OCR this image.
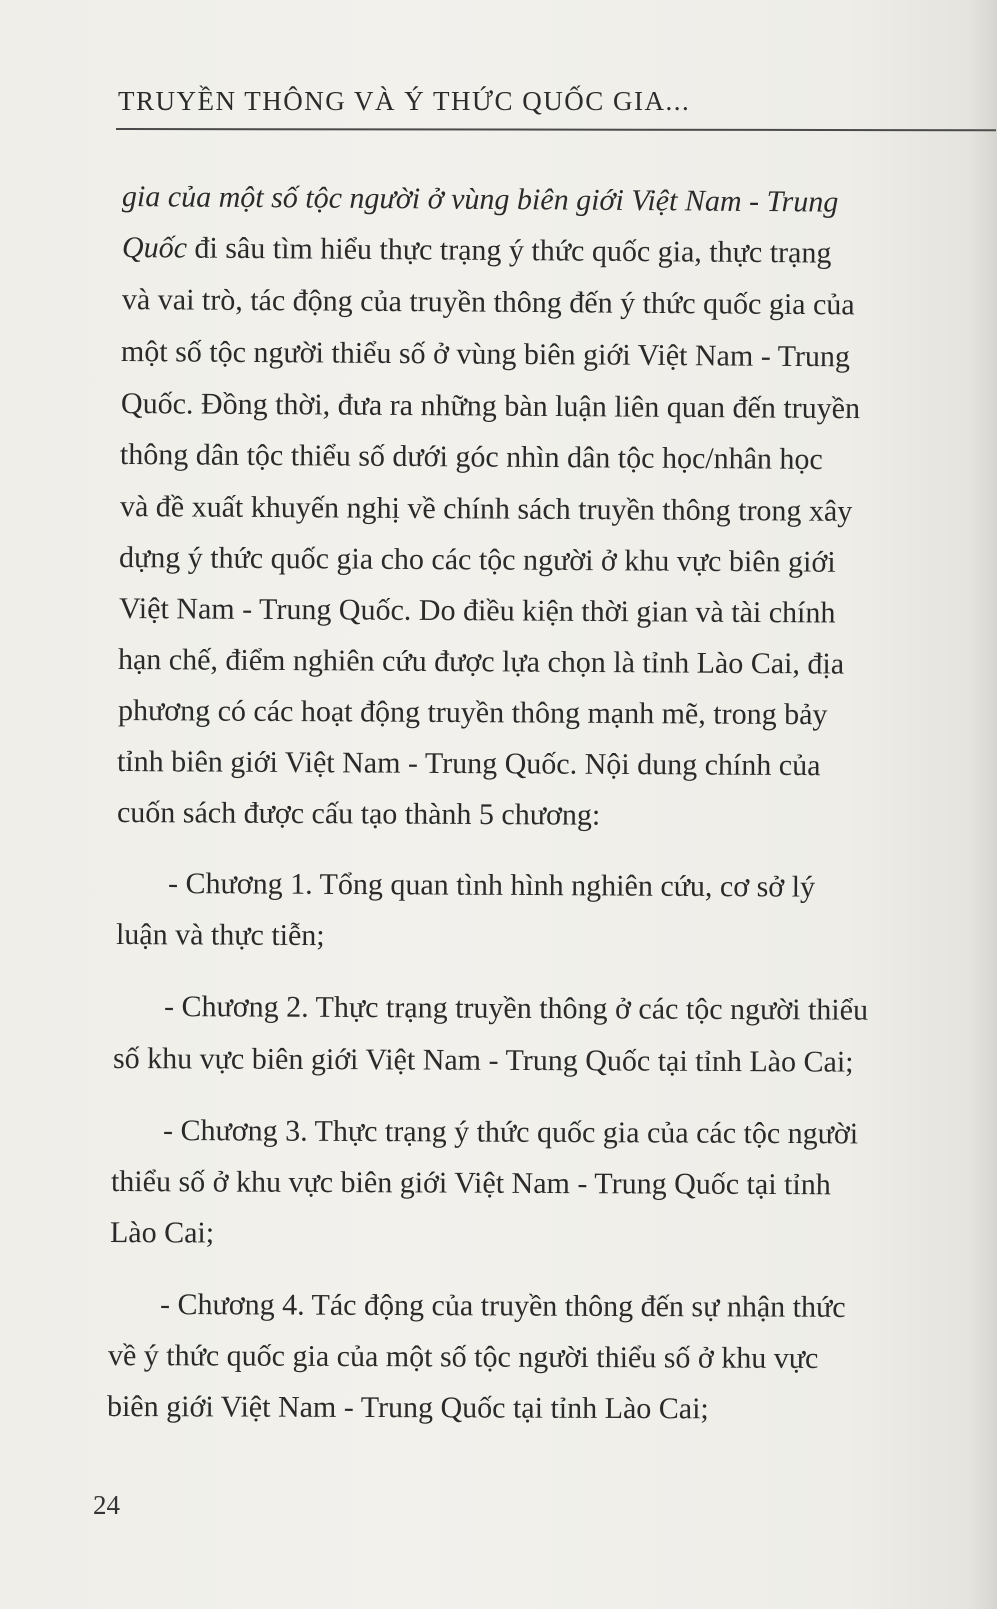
TRUYỀN THÔNG VÀ Ý THỨC QUỐC GIA...
gia của một số tộc người ở vùng biên giới Việt Nam - Trung
Quốc đi sâu tìm hiểu thực trạng ý thức quốc gia, thực trạng
và vai trò, tác động của truyền thông đến ý thức quốc gia của
một số tộc người thiểu số ở vùng biên giới Việt Nam - Trung
Quốc. Đồng thời, đưa ra những bàn luận liên quan đến truyền
thông dân tộc thiểu số dưới góc nhìn dân tộc học/nhân học
và đề xuất khuyến nghị về chính sách truyền thông trong xây
dựng ý thức quốc gia cho các tộc người ở khu vực biên giới
Việt Nam - Trung Quốc. Do điều kiện thời gian và tài chính
hạn chế, điểm nghiên cứu được lựa chọn là tỉnh Lào Cai, địa
phương có các hoạt động truyền thông mạnh mẽ, trong bảy
tỉnh biên giới Việt Nam - Trung Quốc. Nội dung chính của
cuốn sách được cấu tạo thành 5 chương:
- Chương 1. Tổng quan tình hình nghiên cứu, cơ sở lý
luận và thực tiễn;
- Chương 2. Thực trạng truyền thông ở các tộc người thiểu
số khu vực biên giới Việt Nam - Trung Quốc tại tỉnh Lào Cai;
- Chương 3. Thực trạng ý thức quốc gia của các tộc người
thiểu số ở khu vực biên giới Việt Nam - Trung Quốc tại tỉnh
Lào Cai;
- Chương 4. Tác động của truyền thông đến sự nhận thức
về ý thức quốc gia của một số tộc người thiểu số ở khu vực
biên giới Việt Nam - Trung Quốc tại tỉnh Lào Cai;
24
